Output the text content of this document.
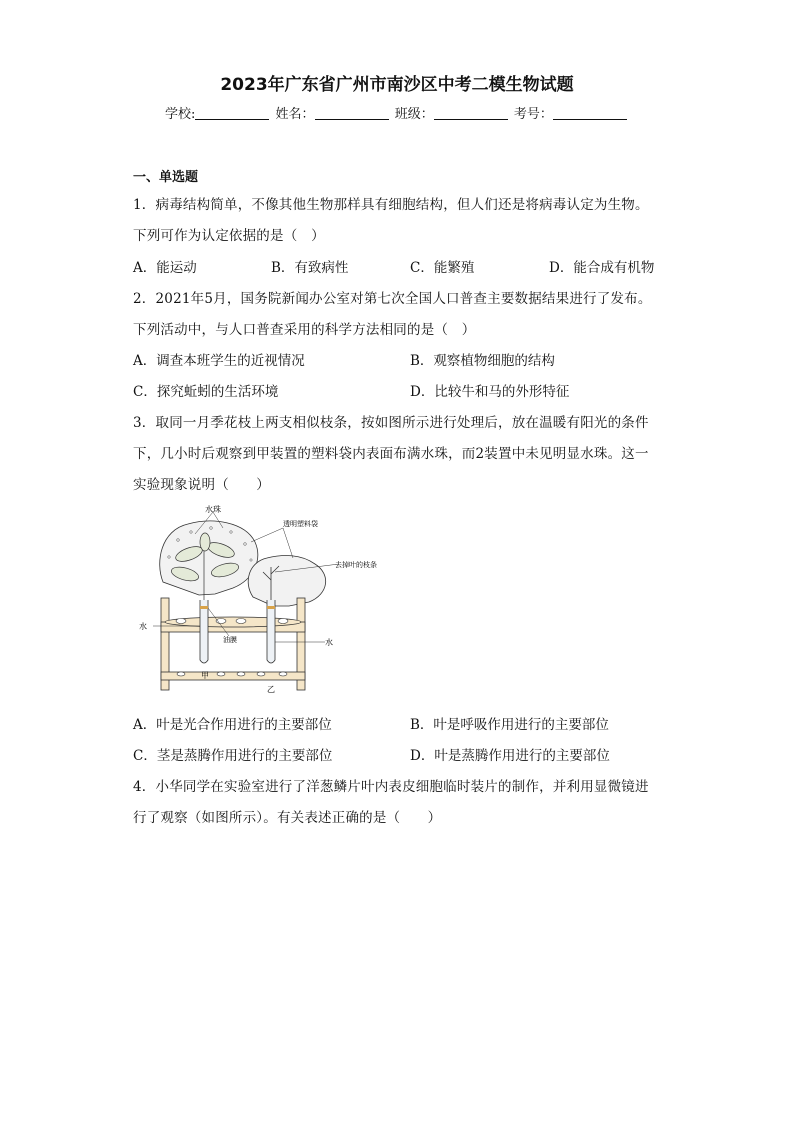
2023年广东省广州市南沙区中考二模生物试题
学校:	姓名：	班级：	考号：
一、单选题
1．病毒结构简单，不像其他生物那样具有细胞结构，但人们还是将病毒认定为生物。
下列可作为认定依据的是（　）
A．能运动	B．有致病性	C．能繁殖	D．能合成有机物
2．2021年5月，国务院新闻办公室对第七次全国人口普查主要数据结果进行了发布。
下列活动中，与人口普查采用的科学方法相同的是（　）
A．调查本班学生的近视情况	B．观察植物细胞的结构
C．探究蚯蚓的生活环境	D．比较牛和马的外形特征
3．取同一月季花枝上两支相似枝条，按如图所示进行处理后，放在温暖有阳光的条件
下，几小时后观察到甲装置的塑料袋内表面布满水珠，而2装置中未见明显水珠。这一
实验现象说明（　　）
水珠
透明塑料袋
去掉叶的枝条
水
油膜	水
甲
乙
A．叶是光合作用进行的主要部位	B．叶是呼吸作用进行的主要部位
C．茎是蒸腾作用进行的主要部位	D．叶是蒸腾作用进行的主要部位
4．小华同学在实验室进行了洋葱鳞片叶内表皮细胞临时装片的制作，并利用显微镜进
行了观察（如图所示）。有关表述正确的是（　　）
